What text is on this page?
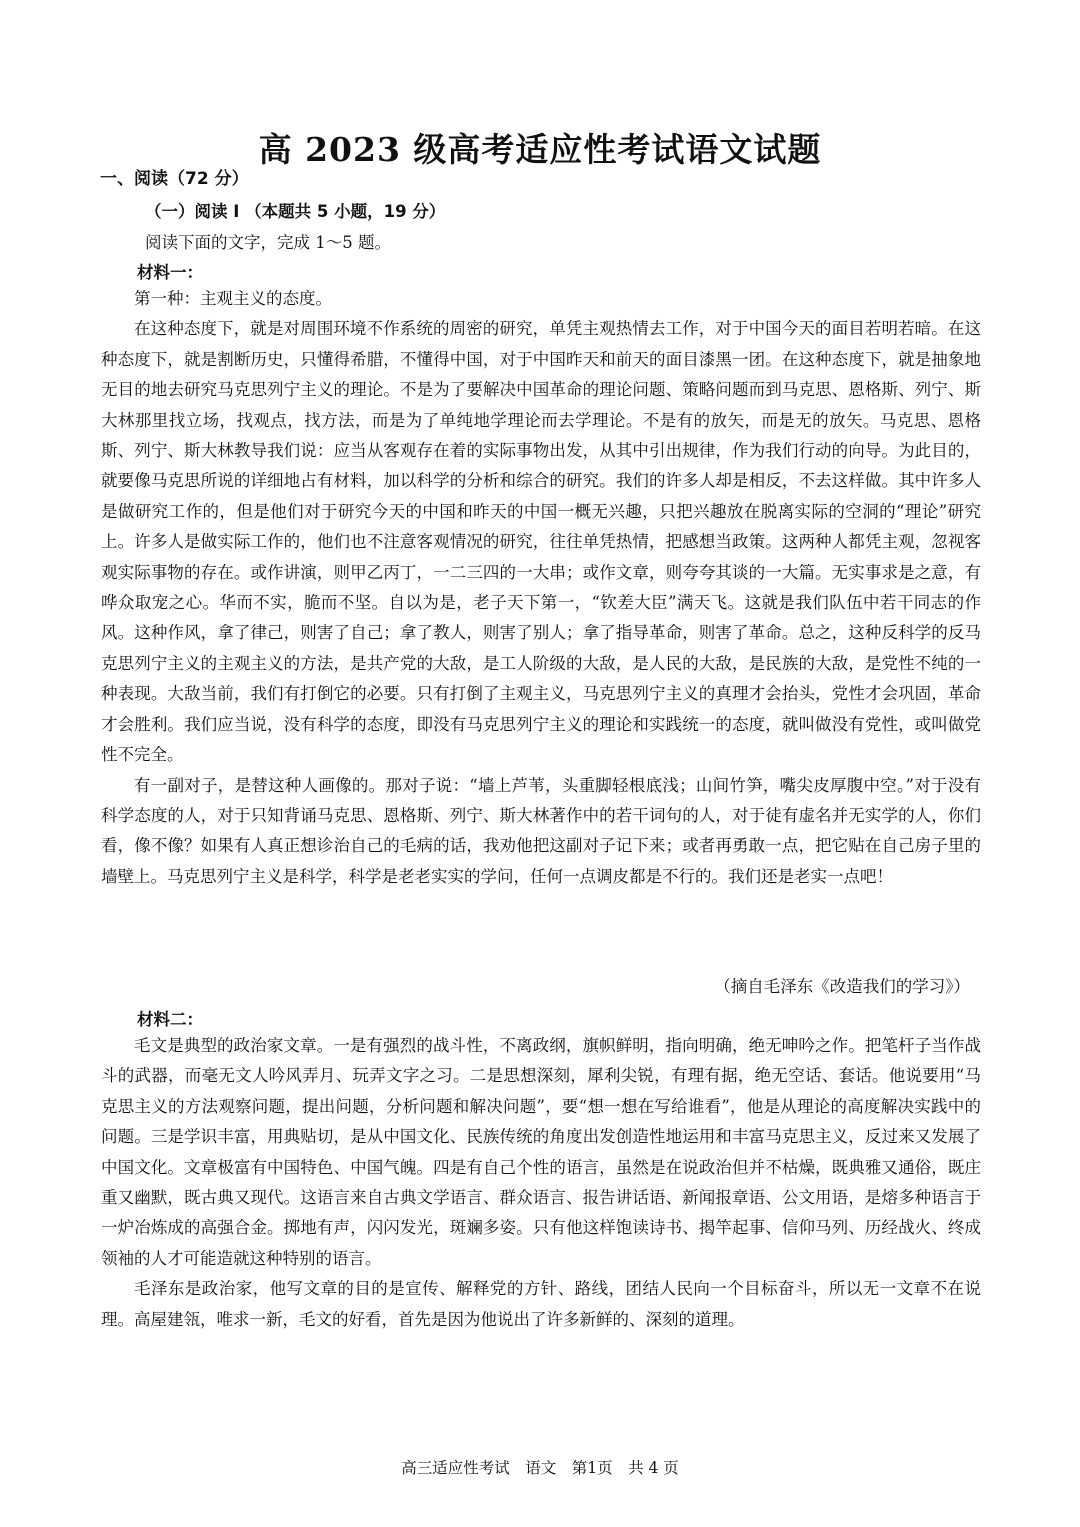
高 2023 级高考适应性考试语文试题
一、阅读（72 分）
（一）阅读 I （本题共 5 小题，19 分）
阅读下面的文字，完成 1～5 题。
材料一：

第一种：主观主义的态度。

在这种态度下，就是对周围环境不作系统的周密的研究，单凭主观热情去工作，对于中国今天的面目若明若暗。在这种态度下，就是割断历史，只懂得希腊，不懂得中国，对于中国昨天和前天的面目漆黑一团。在这种态度下，就是抽象地无目的地去研究马克思列宁主义的理论。不是为了要解决中国革命的理论问题、策略问题而到马克思、恩格斯、列宁、斯大林那里找立场，找观点，找方法，而是为了单纯地学理论而去学理论。不是有的放矢，而是无的放矢。马克思、恩格斯、列宁、斯大林教导我们说：应当从客观存在着的实际事物出发，从其中引出规律，作为我们行动的向导。为此目的，就要像马克思所说的详细地占有材料，加以科学的分析和综合的研究。我们的许多人却是相反，不去这样做。其中许多人是做研究工作的，但是他们对于研究今天的中国和昨天的中国一概无兴趣，只把兴趣放在脱离实际的空洞的“理论”研究上。许多人是做实际工作的，他们也不注意客观情况的研究，往往单凭热情，把感想当政策。这两种人都凭主观，忽视客观实际事物的存在。或作讲演，则甲乙丙丁，一二三四的一大串；或作文章，则夸夸其谈的一大篇。无实事求是之意，有哗众取宠之心。华而不实，脆而不坚。自以为是，老子天下第一，“钦差大臣”满天飞。这就是我们队伍中若干同志的作风。这种作风，拿了律己，则害了自己；拿了教人，则害了别人；拿了指导革命，则害了革命。总之，这种反科学的反马克思列宁主义的主观主义的方法，是共产党的大敌，是工人阶级的大敌，是人民的大敌，是民族的大敌，是党性不纯的一种表现。大敌当前，我们有打倒它的必要。只有打倒了主观主义，马克思列宁主义的真理才会抬头，党性才会巩固，革命才会胜利。我们应当说，没有科学的态度，即没有马克思列宁主义的理论和实践统一的态度，就叫做没有党性，或叫做党性不完全。

有一副对子，是替这种人画像的。那对子说：“墙上芦苇，头重脚轻根底浅；山间竹笋，嘴尖皮厚腹中空。”对于没有科学态度的人，对于只知背诵马克思、恩格斯、列宁、斯大林著作中的若干词句的人，对于徒有虚名并无实学的人，你们看，像不像？如果有人真正想诊治自己的毛病的话，我劝他把这副对子记下来；或者再勇敢一点，把它贴在自己房子里的墙壁上。马克思列宁主义是科学，科学是老老实实的学问，任何一点调皮都是不行的。我们还是老实一点吧！

（摘自毛泽东《改造我们的学习》）
材料二：

毛文是典型的政治家文章。一是有强烈的战斗性，不离政纲，旗帜鲜明，指向明确，绝无呻吟之作。把笔杆子当作战斗的武器，而毫无文人吟风弄月、玩弄文字之习。二是思想深刻，犀利尖锐，有理有据，绝无空话、套话。他说要用“马克思主义的方法观察问题，提出问题，分析问题和解决问题”，要“想一想在写给谁看”，他是从理论的高度解决实践中的问题。三是学识丰富，用典贴切，是从中国文化、民族传统的角度出发创造性地运用和丰富马克思主义，反过来又发展了中国文化。文章极富有中国特色、中国气魄。四是有自己个性的语言，虽然是在说政治但并不枯燥，既典雅又通俗，既庄重又幽默，既古典又现代。这语言来自古典文学语言、群众语言、报告讲话语、新闻报章语、公文用语，是熔多种语言于一炉冶炼成的高强合金。掷地有声，闪闪发光，斑斓多姿。只有他这样饱读诗书、揭竿起事、信仰马列、历经战火、终成领袖的人才可能造就这种特别的语言。

毛泽东是政治家，他写文章的目的是宣传、解释党的方针、路线，团结人民向一个目标奋斗，所以无一文章不在说理。高屋建瓴，唯求一新，毛文的好看，首先是因为他说出了许多新鲜的、深刻的道理。

高三适应性考试　语文　第1页　共 4 页
